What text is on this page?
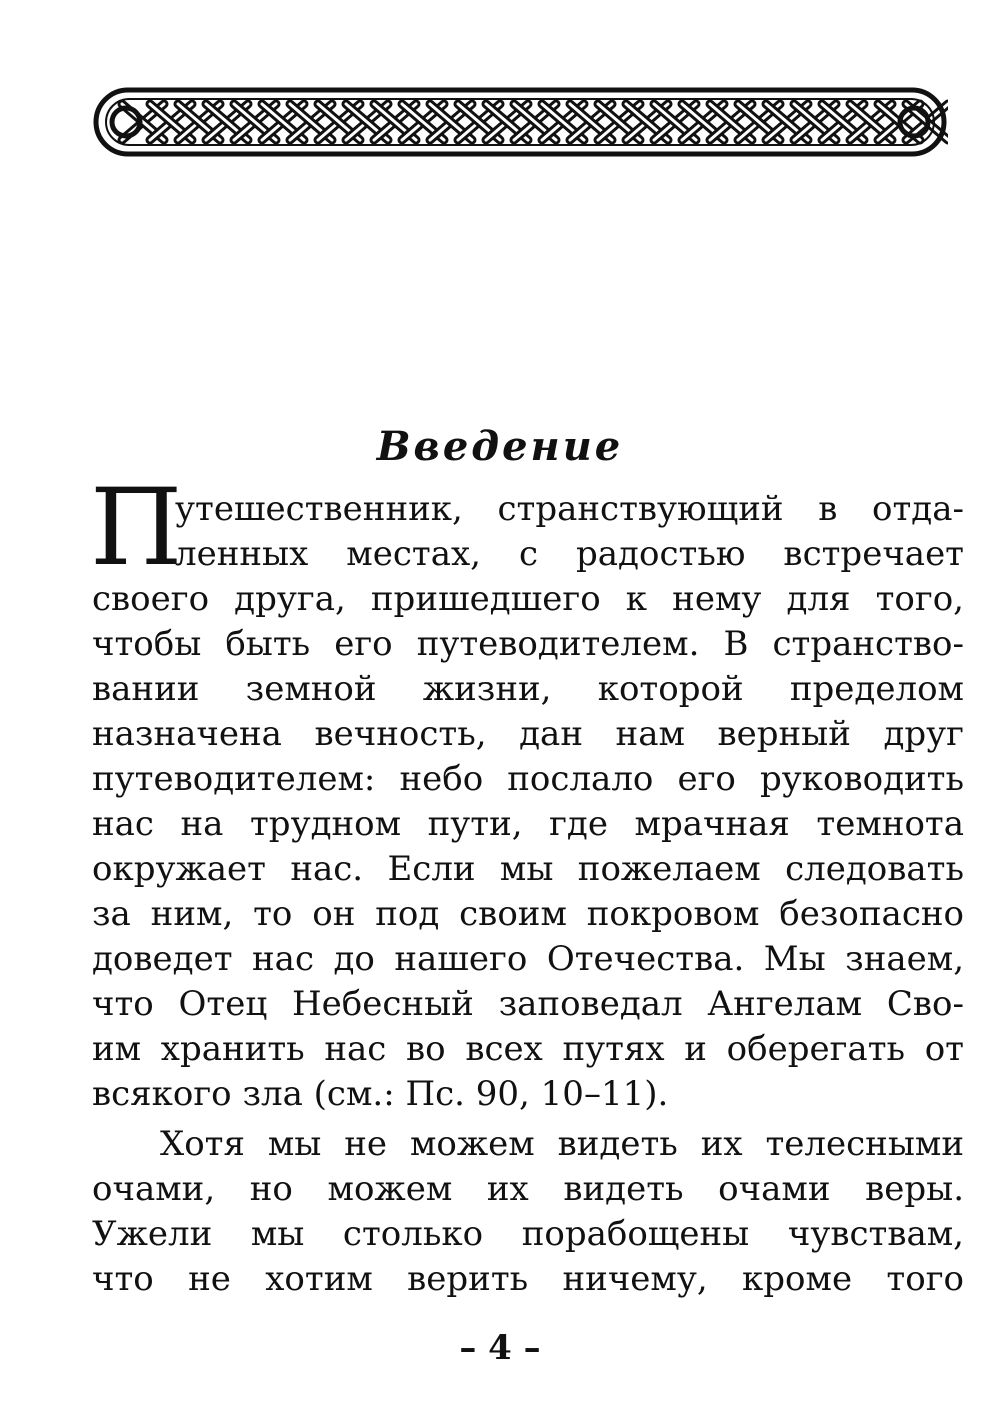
Введение
П
утешественник, странствующий в отда-
ленных местах, с радостью встречает
своего друга, пришедшего к нему для того,
чтобы быть его путеводителем. В странство-
вании земной жизни, которой пределом
назначена вечность, дан нам верный друг
путеводителем: небо послало его руководить
нас на трудном пути, где мрачная темнота
окружает нас. Если мы пожелаем следовать
за ним, то он под своим покровом безопасно
доведет нас до нашего Отечества. Мы знаем,
что Отец Небесный заповедал Ангелам Сво-
им хранить нас во всех путях и оберегать от
всякого зла (см.: Пс. 90, 10–11).
Хотя мы не можем видеть их телесными
очами, но можем их видеть очами веры.
Ужели мы столько порабощены чувствам,
что не хотим верить ничему, кроме того
– 4 –
